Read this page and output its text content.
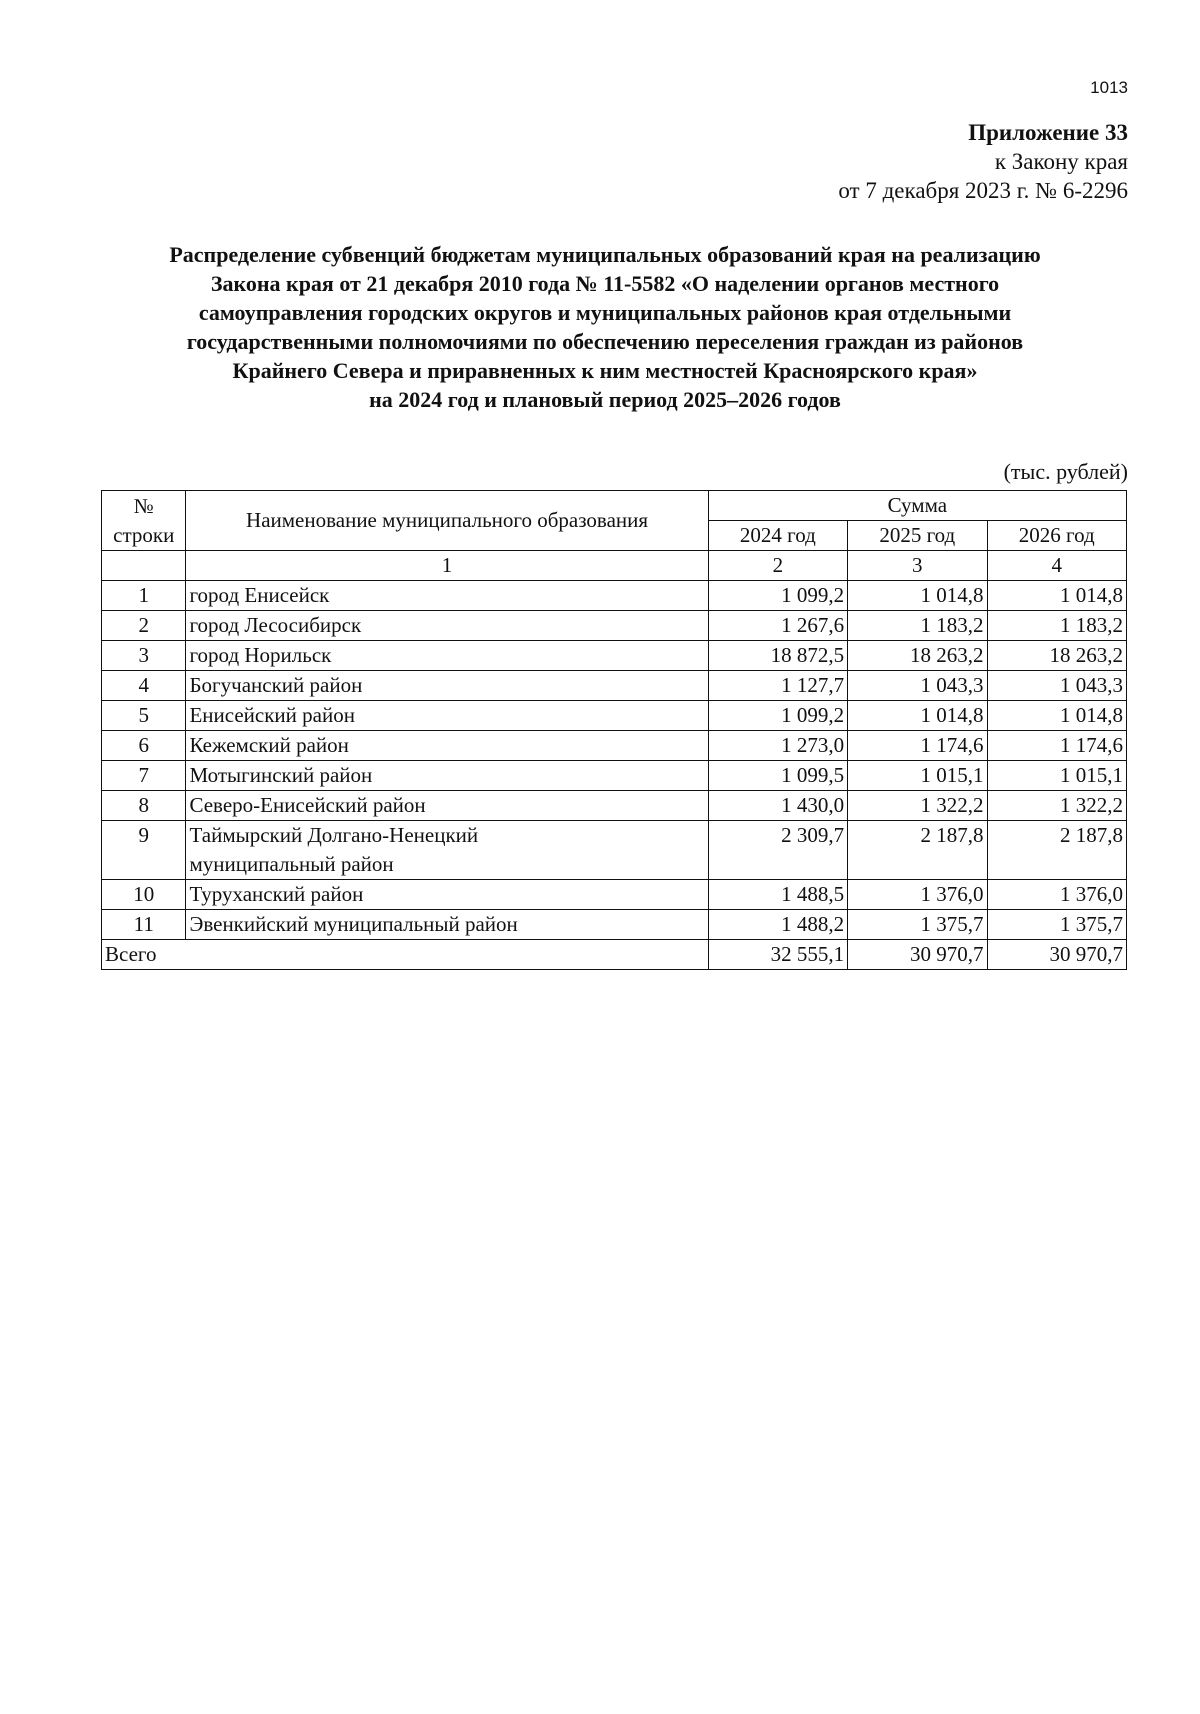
1013
Приложение 33
к Закону края
от 7 декабря 2023 г. № 6-2296
Распределение субвенций бюджетам муниципальных образований края на реализацию
Закона края от 21 декабря 2010 года № 11-5582 «О наделении органов местного
самоуправления городских округов и муниципальных районов края отдельными
государственными полномочиями по обеспечению переселения граждан из районов
Крайнего Севера и приравненных к ним местностей Красноярского края»
на 2024 год и плановый период 2025–2026 годов
(тыс. рублей)
№
строки	Наименование муниципального образования	Сумма		
		2024 год	2025 год	2026 год
	1	2	3	4
1	город Енисейск	1 099,2	1 014,8	1 014,8
2	город Лесосибирск	1 267,6	1 183,2	1 183,2
3	город Норильск	18 872,5	18 263,2	18 263,2
4	Богучанский район	1 127,7	1 043,3	1 043,3
5	Енисейский район	1 099,2	1 014,8	1 014,8
6	Кежемский район	1 273,0	1 174,6	1 174,6
7	Мотыгинский район	1 099,5	1 015,1	1 015,1
8	Северо-Енисейский район	1 430,0	1 322,2	1 322,2
9	Таймырский Долгано-Ненецкий
муниципальный район	2 309,7	2 187,8	2 187,8
10	Туруханский район	1 488,5	1 376,0	1 376,0
11	Эвенкийский муниципальный район	1 488,2	1 375,7	1 375,7
Всего		32 555,1	30 970,7	30 970,7
